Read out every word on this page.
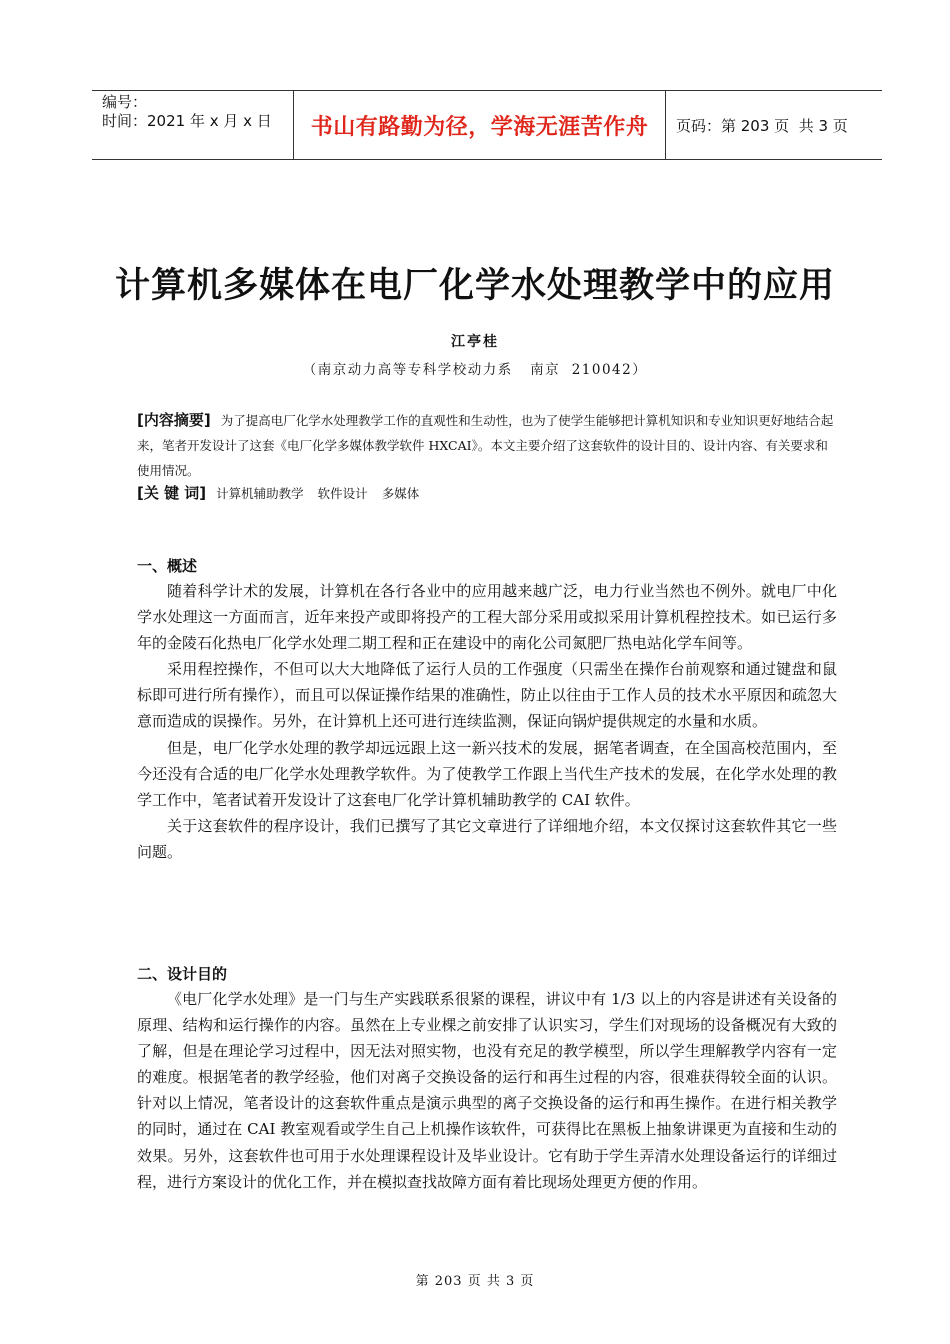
编号：
时间：2021 年 x 月 x 日	书山有路勤为径，学海无涯苦作舟	页码：第 203 页  共 3 页
计算机多媒体在电厂化学水处理教学中的应用
江亭桂
（南京动力高等专科学校动力系   南京  210042）
[内容摘要] 为了提高电厂化学水处理教学工作的直观性和生动性，也为了使学生能够把计算机知识和专业知识更好地结合起来，笔者开发设计了这套《电厂化学多媒体教学软件 HXCAI》。本文主要介绍了这套软件的设计目的、设计内容、有关要求和使用情况。
[关 键 词] 计算机辅助教学 软件设计 多媒体
一、概述

随着科学计术的发展，计算机在各行各业中的应用越来越广泛，电力行业当然也不例外。就电厂中化学水处理这一方面而言，近年来投产或即将投产的工程大部分采用或拟采用计算机程控技术。如已运行多年的金陵石化热电厂化学水处理二期工程和正在建设中的南化公司氮肥厂热电站化学车间等。

采用程控操作，不但可以大大地降低了运行人员的工作强度（只需坐在操作台前观察和通过键盘和鼠标即可进行所有操作），而且可以保证操作结果的准确性，防止以往由于工作人员的技术水平原因和疏忽大意而造成的误操作。另外，在计算机上还可进行连续监测，保证向锅炉提供规定的水量和水质。

但是，电厂化学水处理的教学却远远跟上这一新兴技术的发展，据笔者调查，在全国高校范围内，至今还没有合适的电厂化学水处理教学软件。为了使教学工作跟上当代生产技术的发展，在化学水处理的教学工作中，笔者试着开发设计了这套电厂化学计算机辅助教学的 CAI 软件。

关于这套软件的程序设计，我们已撰写了其它文章进行了详细地介绍，本文仅探讨这套软件其它一些问题。

二、设计目的

《电厂化学水处理》是一门与生产实践联系很紧的课程，讲议中有 1/3 以上的内容是讲述有关设备的原理、结构和运行操作的内容。虽然在上专业棵之前安排了认识实习，学生们对现场的设备概况有大致的了解，但是在理论学习过程中，因无法对照实物，也没有充足的教学模型，所以学生理解教学内容有一定的难度。根据笔者的教学经验，他们对离子交换设备的运行和再生过程的内容，很难获得较全面的认识。针对以上情况，笔者设计的这套软件重点是演示典型的离子交换设备的运行和再生操作。在进行相关教学的同时，通过在 CAI 教室观看或学生自己上机操作该软件，可获得比在黑板上抽象讲课更为直接和生动的效果。另外，这套软件也可用于水处理课程设计及毕业设计。它有助于学生弄清水处理设备运行的详细过程，进行方案设计的优化工作，并在模拟查找故障方面有着比现场处理更方便的作用。

第 203 页 共 3 页
